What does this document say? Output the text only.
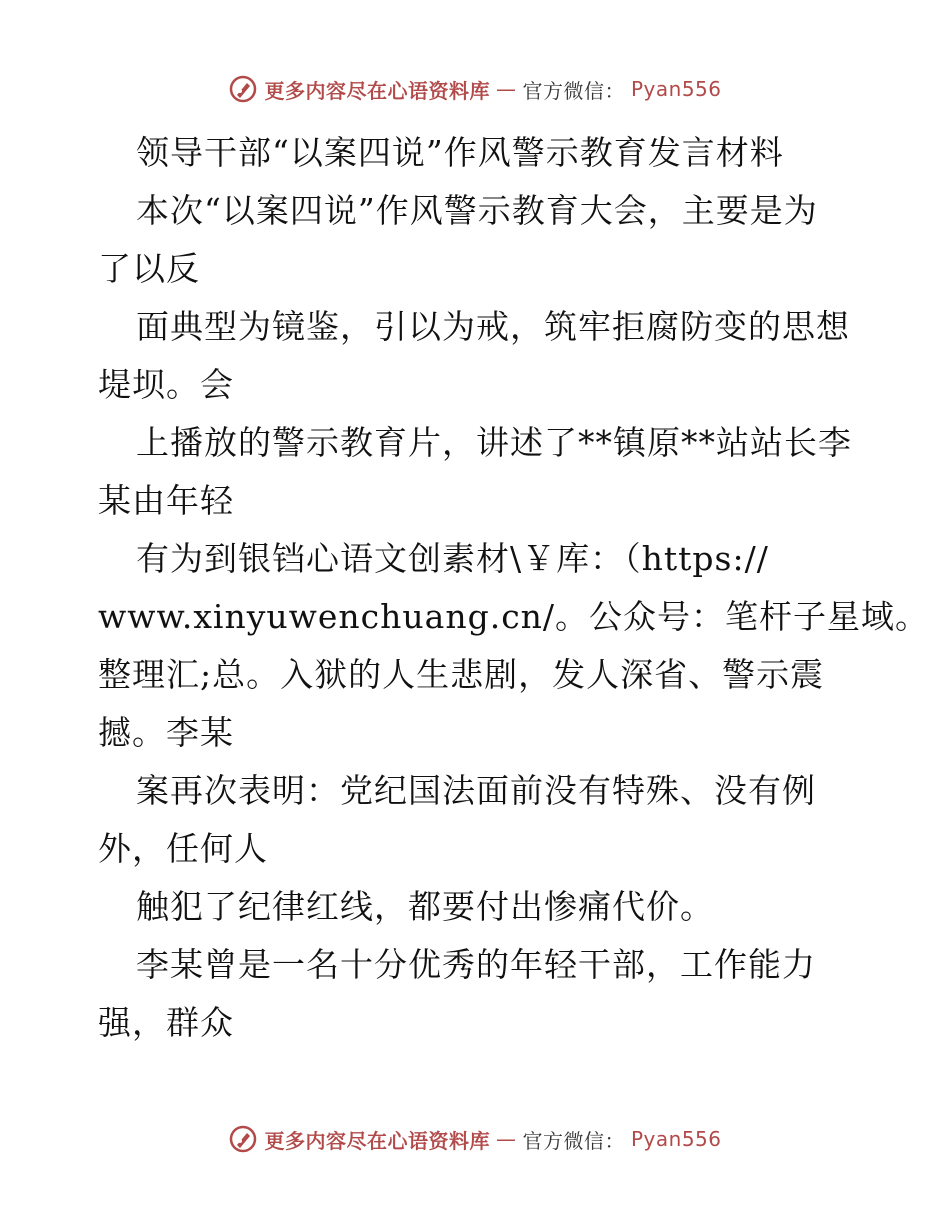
更多内容尽在心语资料库 — 官方微信： Pyan556
领导干部“以案四说”作风警示教育发言材料
本次“以案四说”作风警示教育大会，主要是为
了以反
面典型为镜鉴，引以为戒，筑牢拒腐防变的思想
堤坝。会
上播放的警示教育片，讲述了**镇原**站站长李
某由年轻
有为到银铛心语文创素材\￥库：（https://
www.xinyuwenchuang.cn/。公众号：笔杆子星域。
整理汇;总。入狱的人生悲剧，发人深省、警示震
撼。李某
案再次表明：党纪国法面前没有特殊、没有例
外，任何人
触犯了纪律红线，都要付出惨痛代价。
李某曾是一名十分优秀的年轻干部，工作能力
强，群众
更多内容尽在心语资料库 — 官方微信： Pyan556
